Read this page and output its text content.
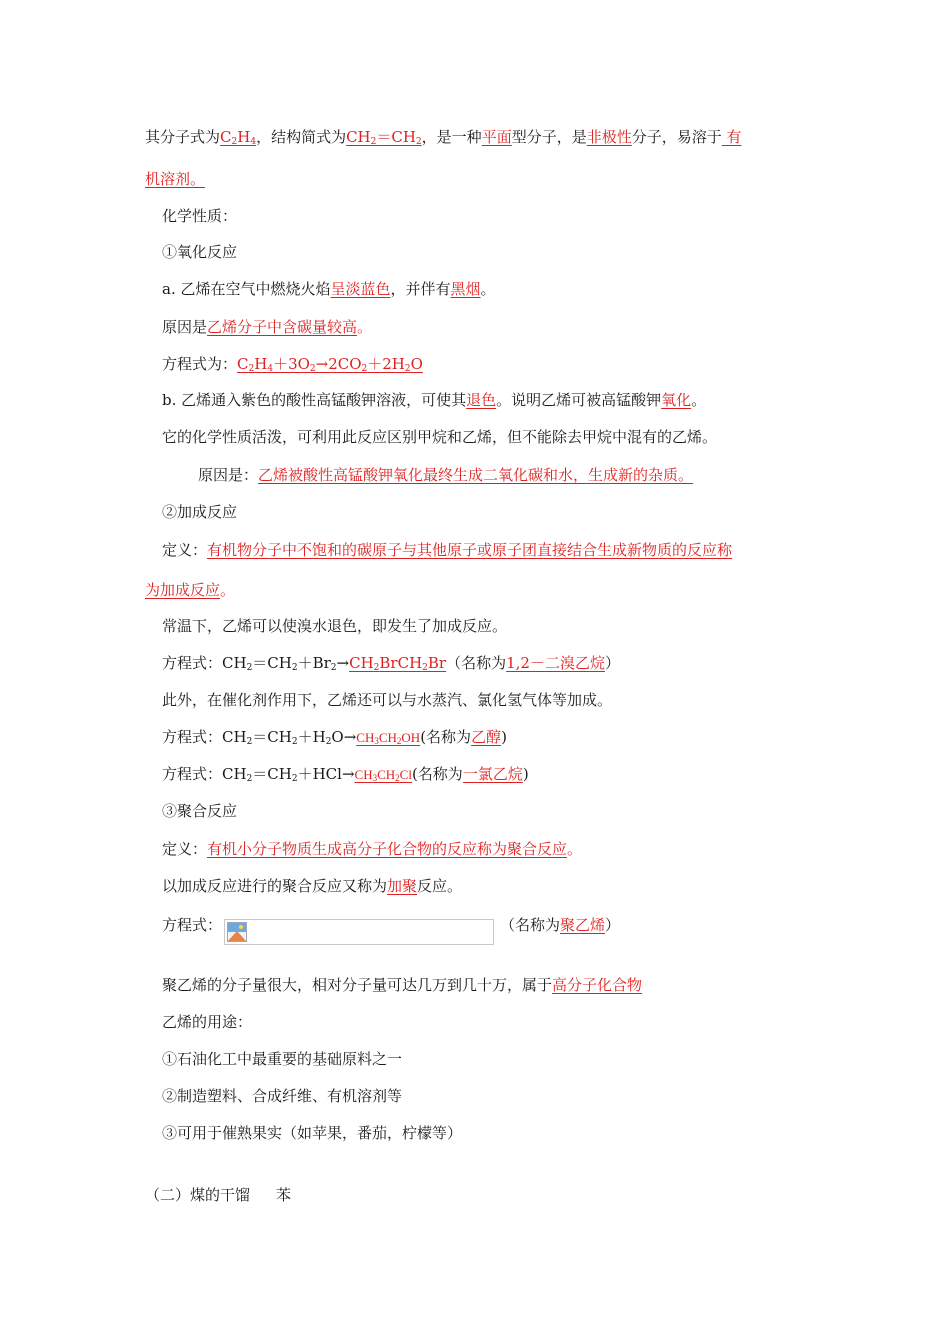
其分子式为$C_2H_4$，结构简式为$CH_2=CH_2$，是一种平面型分子，是非极性分子，易溶于 有
机溶剂。
化学性质：
①氧化反应
a. 乙烯在空气中燃烧火焰呈淡蓝色，并伴有黑烟。
原因是乙烯分子中含碳量较高。
方程式为：$C_2H_4+3O_2\to 2CO_2+2H_2O$
b. 乙烯通入紫色的酸性高锰酸钾溶液，可使其退色。说明乙烯可被高锰酸钾氧化。
它的化学性质活泼，可利用此反应区别甲烷和乙烯，但不能除去甲烷中混有的乙烯。
原因是：乙烯被酸性高锰酸钾氧化最终生成二氧化碳和水，生成新的杂质。
②加成反应
定义：有机物分子中不饱和的碳原子与其他原子或原子团直接结合生成新物质的反应称
为加成反应。
常温下，乙烯可以使溴水退色，即发生了加成反应。
方程式：$CH_2=CH_2+Br_2\to CH_2BrCH_2Br$（名称为1,2－二溴乙烷）
此外，在催化剂作用下，乙烯还可以与水蒸汽、氯化氢气体等加成。
方程式：$CH_2=CH_2+H_2O\to CH_3CH_2OH$(名称为乙醇)
方程式：$CH_2=CH_2+HCl\to CH_3CH_2Cl$(名称为一氯乙烷)
③聚合反应
定义：有机小分子物质生成高分子化合物的反应称为聚合反应。
以加成反应进行的聚合反应又称为加聚反应。
方程式：	（名称为聚乙烯）
聚乙烯的分子量很大，相对分子量可达几万到几十万，属于高分子化合物
乙烯的用途：
①石油化工中最重要的基础原料之一
②制造塑料、合成纤维、有机溶剂等
③可用于催熟果实（如苹果，番茄，柠檬等）
（二）煤的干馏 苯
